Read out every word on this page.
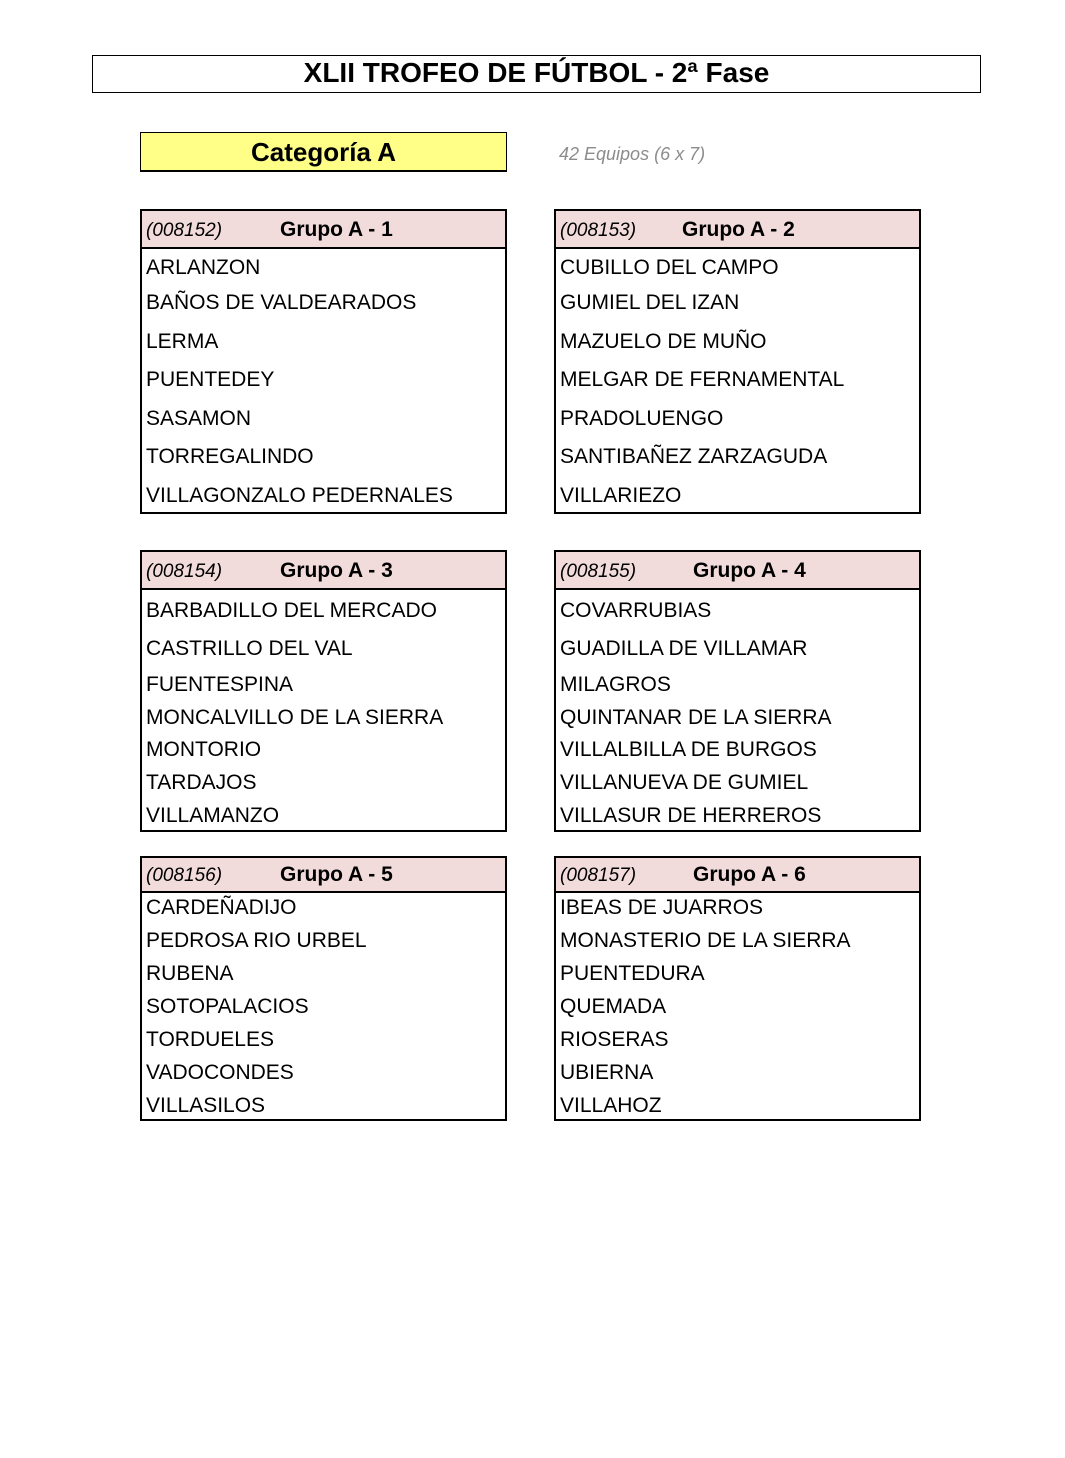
XLII TROFEO DE FÚTBOL - 2ª Fase
Categoría A	42 Equipos (6 x 7)
(008152)	Grupo A - 1
ARLANZON
BAÑOS DE VALDEARADOS
LERMA
PUENTEDEY
SASAMON
TORREGALINDO
VILLAGONZALO PEDERNALES
(008153) Grupo A - 2
CUBILLO DEL CAMPO
GUMIEL DEL IZAN
MAZUELO DE MUÑO
MELGAR DE FERNAMENTAL
PRADOLUENGO
SANTIBAÑEZ ZARZAGUDA
VILLARIEZO
(008154)	Grupo A - 3
BARBADILLO DEL MERCADO
CASTRILLO DEL VAL
FUENTESPINA
MONCALVILLO DE LA SIERRA
MONTORIO
TARDAJOS
VILLAMANZO
(008155)	Grupo A - 4
COVARRUBIAS
GUADILLA DE VILLAMAR
MILAGROS
QUINTANAR DE LA SIERRA
VILLALBILLA DE BURGOS
VILLANUEVA DE GUMIEL
VILLASUR DE HERREROS
(008156)	Grupo A - 5
CARDEÑADIJO
PEDROSA RIO URBEL
RUBENA
SOTOPALACIOS
TORDUELES
VADOCONDES
VILLASILOS
(008157)	Grupo A - 6
IBEAS DE JUARROS
MONASTERIO DE LA SIERRA
PUENTEDURA
QUEMADA
RIOSERAS
UBIERNA
VILLAHOZ
